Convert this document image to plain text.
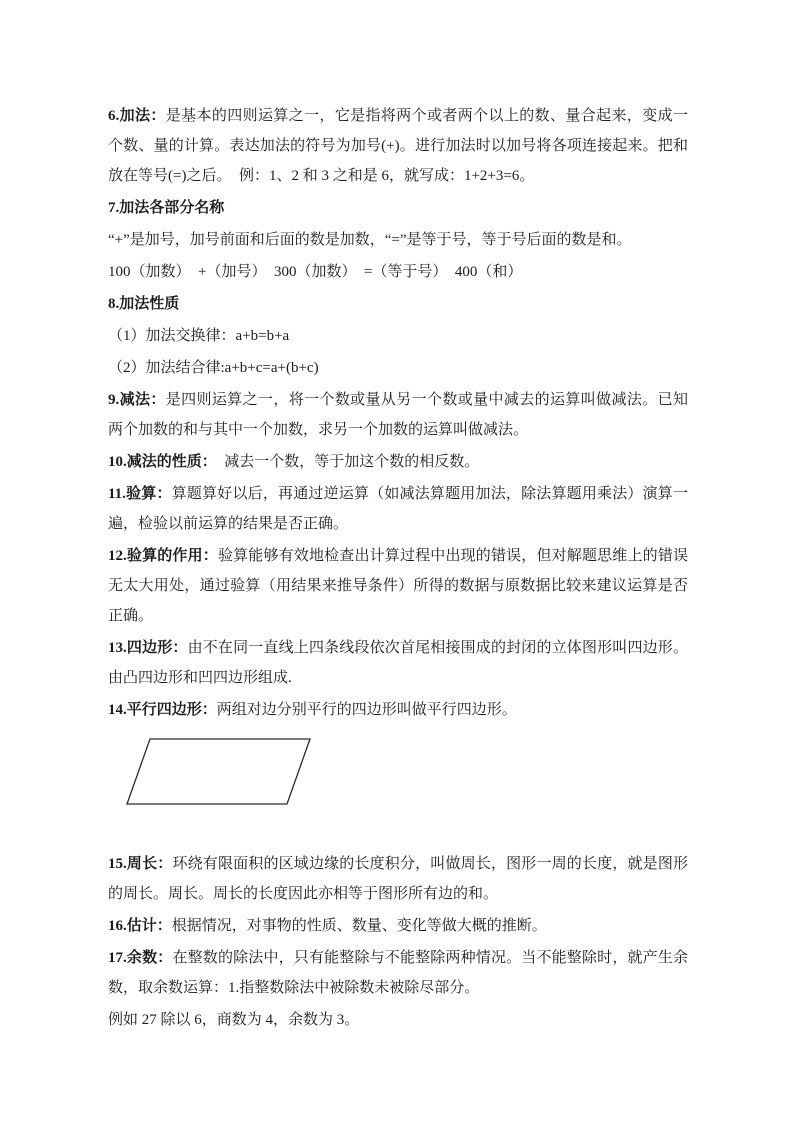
6.加法：是基本的四则运算之一，它是指将两个或者两个以上的数、量合起来，变成一个数、量的计算。表达加法的符号为加号(+)。进行加法时以加号将各项连接起来。把和放在等号(=)之后。　例：1、2 和 3 之和是 6，就写成：1+2+3=6。

7.加法各部分名称

“+”是加号，加号前面和后面的数是加数，“=”是等于号，等于号后面的数是和。

100（加数）　+（加号）　300（加数）　=（等于号）　400（和）

8.加法性质

（1）加法交换律：a+b=b+a

（2）加法结合律:a+b+c=a+(b+c)

9.减法：是四则运算之一，将一个数或量从另一个数或量中减去的运算叫做减法。已知两个加数的和与其中一个加数，求另一个加数的运算叫做减法。

10.减法的性质：　减去一个数，等于加这个数的相反数。

11.验算：算题算好以后，再通过逆运算（如减法算题用加法，除法算题用乘法）演算一遍，检验以前运算的结果是否正确。

12.验算的作用：验算能够有效地检查出计算过程中出现的错误，但对解题思维上的错误无太大用处，通过验算（用结果来推导条件）所得的数据与原数据比较来建议运算是否正确。

13.四边形：由不在同一直线上四条线段依次首尾相接围成的封闭的立体图形叫四边形。由凸四边形和凹四边形组成.

14.平行四边形：两组对边分别平行的四边形叫做平行四边形。

15.周长：环绕有限面积的区域边缘的长度积分，叫做周长，图形一周的长度，就是图形的周长。周长。周长的长度因此亦相等于图形所有边的和。

16.估计：根据情况，对事物的性质、数量、变化等做大概的推断。

17.余数：在整数的除法中，只有能整除与不能整除两种情况。当不能整除时，就产生余数，取余数运算：1.指整数除法中被除数未被除尽部分。

例如 27 除以 6，商数为 4，余数为 3。
